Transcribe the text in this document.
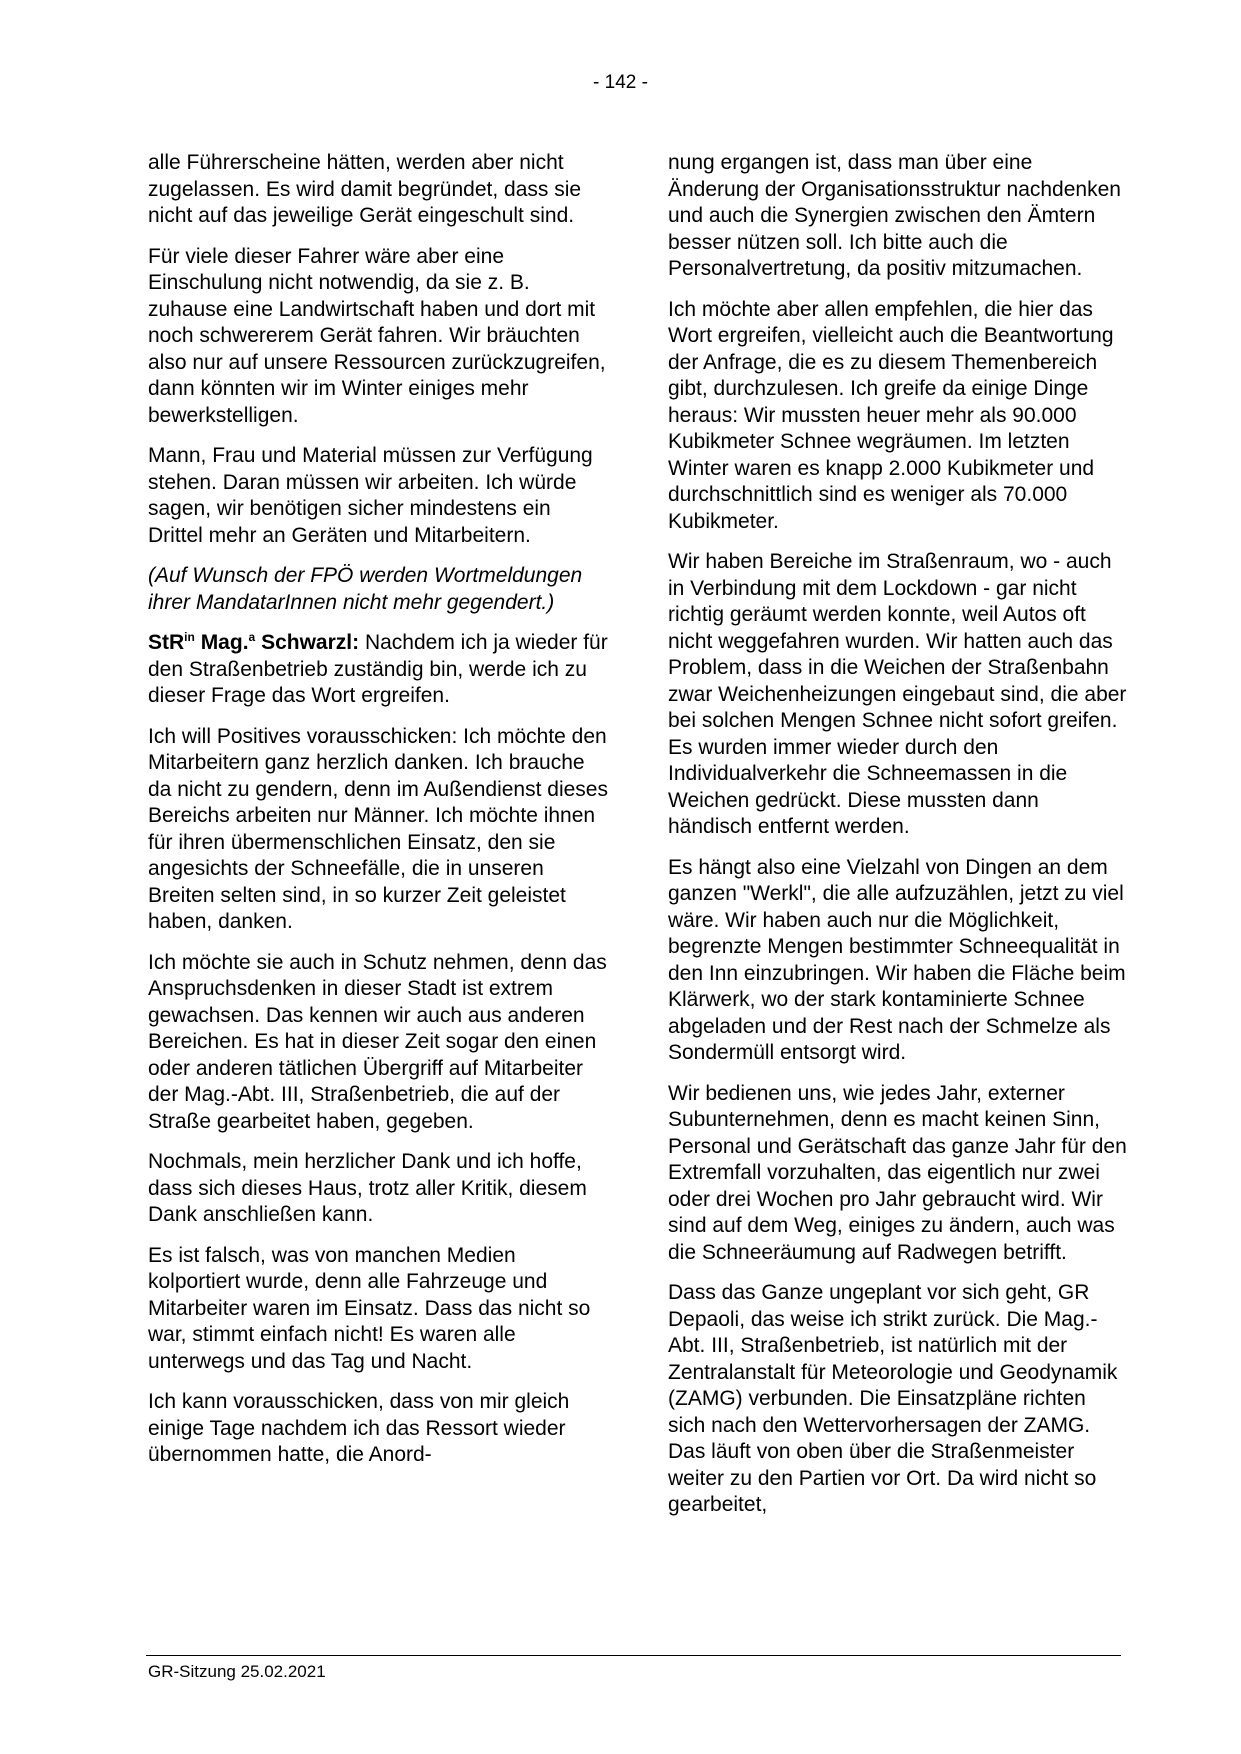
- 142 -

alle Führerscheine hätten, werden aber nicht zugelassen. Es wird damit begründet, dass sie nicht auf das jeweilige Gerät eingeschult sind.

Für viele dieser Fahrer wäre aber eine Einschulung nicht notwendig, da sie z. B. zuhause eine Landwirtschaft haben und dort mit noch schwererem Gerät fahren. Wir bräuchten also nur auf unsere Ressourcen zurückzugreifen, dann könnten wir im Winter einiges mehr bewerkstelligen.

Mann, Frau und Material müssen zur Verfügung stehen. Daran müssen wir arbeiten. Ich würde sagen, wir benötigen sicher mindestens ein Drittel mehr an Geräten und Mitarbeitern.

(Auf Wunsch der FPÖ werden Wortmeldungen ihrer MandatarInnen nicht mehr gegendert.)

StR$^{in}$ Mag.$^a$ Schwarzl: Nachdem ich ja wieder für den Straßenbetrieb zuständig bin, werde ich zu dieser Frage das Wort ergreifen.

Ich will Positives vorausschicken: Ich möchte den Mitarbeitern ganz herzlich danken. Ich brauche da nicht zu gendern, denn im Außendienst dieses Bereichs arbeiten nur Männer. Ich möchte ihnen für ihren übermenschlichen Einsatz, den sie angesichts der Schneefälle, die in unseren Breiten selten sind, in so kurzer Zeit geleistet haben, danken.

Ich möchte sie auch in Schutz nehmen, denn das Anspruchsdenken in dieser Stadt ist extrem gewachsen. Das kennen wir auch aus anderen Bereichen. Es hat in dieser Zeit sogar den einen oder anderen tätlichen Übergriff auf Mitarbeiter der Mag.-Abt. III, Straßenbetrieb, die auf der Straße gearbeitet haben, gegeben.

Nochmals, mein herzlicher Dank und ich hoffe, dass sich dieses Haus, trotz aller Kritik, diesem Dank anschließen kann.

Es ist falsch, was von manchen Medien kolportiert wurde, denn alle Fahrzeuge und Mitarbeiter waren im Einsatz. Dass das nicht so war, stimmt einfach nicht! Es waren alle unterwegs und das Tag und Nacht.

Ich kann vorausschicken, dass von mir gleich einige Tage nachdem ich das Ressort wieder übernommen hatte, die Anord-

nung ergangen ist, dass man über eine Änderung der Organisationsstruktur nachdenken und auch die Synergien zwischen den Ämtern besser nützen soll. Ich bitte auch die Personalvertretung, da positiv mitzumachen.

Ich möchte aber allen empfehlen, die hier das Wort ergreifen, vielleicht auch die Beantwortung der Anfrage, die es zu diesem Themenbereich gibt, durchzulesen. Ich greife da einige Dinge heraus: Wir mussten heuer mehr als 90.000 Kubikmeter Schnee wegräumen. Im letzten Winter waren es knapp 2.000 Kubikmeter und durchschnittlich sind es weniger als 70.000 Kubikmeter.

Wir haben Bereiche im Straßenraum, wo - auch in Verbindung mit dem Lockdown - gar nicht richtig geräumt werden konnte, weil Autos oft nicht weggefahren wurden. Wir hatten auch das Problem, dass in die Weichen der Straßenbahn zwar Weichenheizungen eingebaut sind, die aber bei solchen Mengen Schnee nicht sofort greifen. Es wurden immer wieder durch den Individualverkehr die Schneemassen in die Weichen gedrückt. Diese mussten dann händisch entfernt werden.

Es hängt also eine Vielzahl von Dingen an dem ganzen "Werkl", die alle aufzuzählen, jetzt zu viel wäre. Wir haben auch nur die Möglichkeit, begrenzte Mengen bestimmter Schneequalität in den Inn einzubringen. Wir haben die Fläche beim Klärwerk, wo der stark kontaminierte Schnee abgeladen und der Rest nach der Schmelze als Sondermüll entsorgt wird.

Wir bedienen uns, wie jedes Jahr, externer Subunternehmen, denn es macht keinen Sinn, Personal und Gerätschaft das ganze Jahr für den Extremfall vorzuhalten, das eigentlich nur zwei oder drei Wochen pro Jahr gebraucht wird. Wir sind auf dem Weg, einiges zu ändern, auch was die Schneeräumung auf Radwegen betrifft.

Dass das Ganze ungeplant vor sich geht, GR Depaoli, das weise ich strikt zurück. Die Mag.-Abt. III, Straßenbetrieb, ist natürlich mit der Zentralanstalt für Meteorologie und Geodynamik (ZAMG) verbunden. Die Einsatzpläne richten sich nach den Wettervorhersagen der ZAMG. Das läuft von oben über die Straßenmeister weiter zu den Partien vor Ort. Da wird nicht so gearbeitet,

GR-Sitzung 25.02.2021
